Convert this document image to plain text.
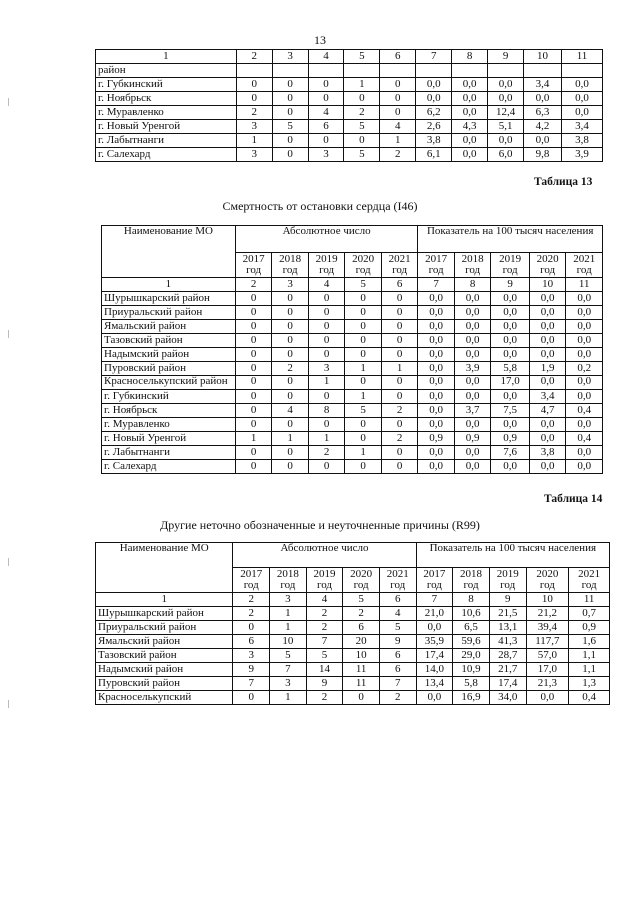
13
1	2	3	4	5	6	7	8	9	10	11
район										
г. Губкинский	0	0	0	1	0	0,0	0,0	0,0	3,4	0,0
г. Ноябрьск	0	0	0	0	0	0,0	0,0	0,0	0,0	0,0
г. Муравленко	2	0	4	2	0	6,2	0,0	12,4	6,3	0,0
г. Новый Уренгой	3	5	6	5	4	2,6	4,3	5,1	4,2	3,4
г. Лабытнанги	1	0	0	0	1	3,8	0,0	0,0	0,0	3,8
г. Салехард	3	0	3	5	2	6,1	0,0	6,0	9,8	3,9
Таблица 13
Смертность от остановки сердца (I46)
Наименование МО	Абсолютное число					Показатель на 100 тысяч населения				
	2017 год	2018 год	2019 год	2020 год	2021 год	2017 год	2018 год	2019 год	2020 год	2021 год
1	2	3	4	5	6	7	8	9	10	11
Шурышкарский район	0	0	0	0	0	0,0	0,0	0,0	0,0	0,0
Приуральский район	0	0	0	0	0	0,0	0,0	0,0	0,0	0,0
Ямальский район	0	0	0	0	0	0,0	0,0	0,0	0,0	0,0
Тазовский район	0	0	0	0	0	0,0	0,0	0,0	0,0	0,0
Надымский район	0	0	0	0	0	0,0	0,0	0,0	0,0	0,0
Пуровский район	0	2	3	1	1	0,0	3,9	5,8	1,9	0,2
Красноселькупский район	0	0	1	0	0	0,0	0,0	17,0	0,0	0,0
г. Губкинский	0	0	0	1	0	0,0	0,0	0,0	3,4	0,0
г. Ноябрьск	0	4	8	5	2	0,0	3,7	7,5	4,7	0,4
г. Муравленко	0	0	0	0	0	0,0	0,0	0,0	0,0	0,0
г. Новый Уренгой	1	1	1	0	2	0,9	0,9	0,9	0,0	0,4
г. Лабытнанги	0	0	2	1	0	0,0	0,0	7,6	3,8	0,0
г. Салехард	0	0	0	0	0	0,0	0,0	0,0	0,0	0,0
Таблица 14
Другие неточно обозначенные и неуточненные причины (R99)
Наименование МО	Абсолютное число					Показатель на 100 тысяч населения				
	2017 год	2018 год	2019 год	2020 год	2021 год	2017 год	2018 год	2019 год	2020 год	2021 год
1	2	3	4	5	6	7	8	9	10	11
Шурышкарский район	2	1	2	2	4	21,0	10,6	21,5	21,2	0,7
Приуральский район	0	1	2	6	5	0,0	6,5	13,1	39,4	0,9
Ямальский район	6	10	7	20	9	35,9	59,6	41,3	117,7	1,6
Тазовский район	3	5	5	10	6	17,4	29,0	28,7	57,0	1,1
Надымский район	9	7	14	11	6	14,0	10,9	21,7	17,0	1,1
Пуровский район	7	3	9	11	7	13,4	5,8	17,4	21,3	1,3
Красноселькупский	0	1	2	0	2	0,0	16,9	34,0	0,0	0,4
